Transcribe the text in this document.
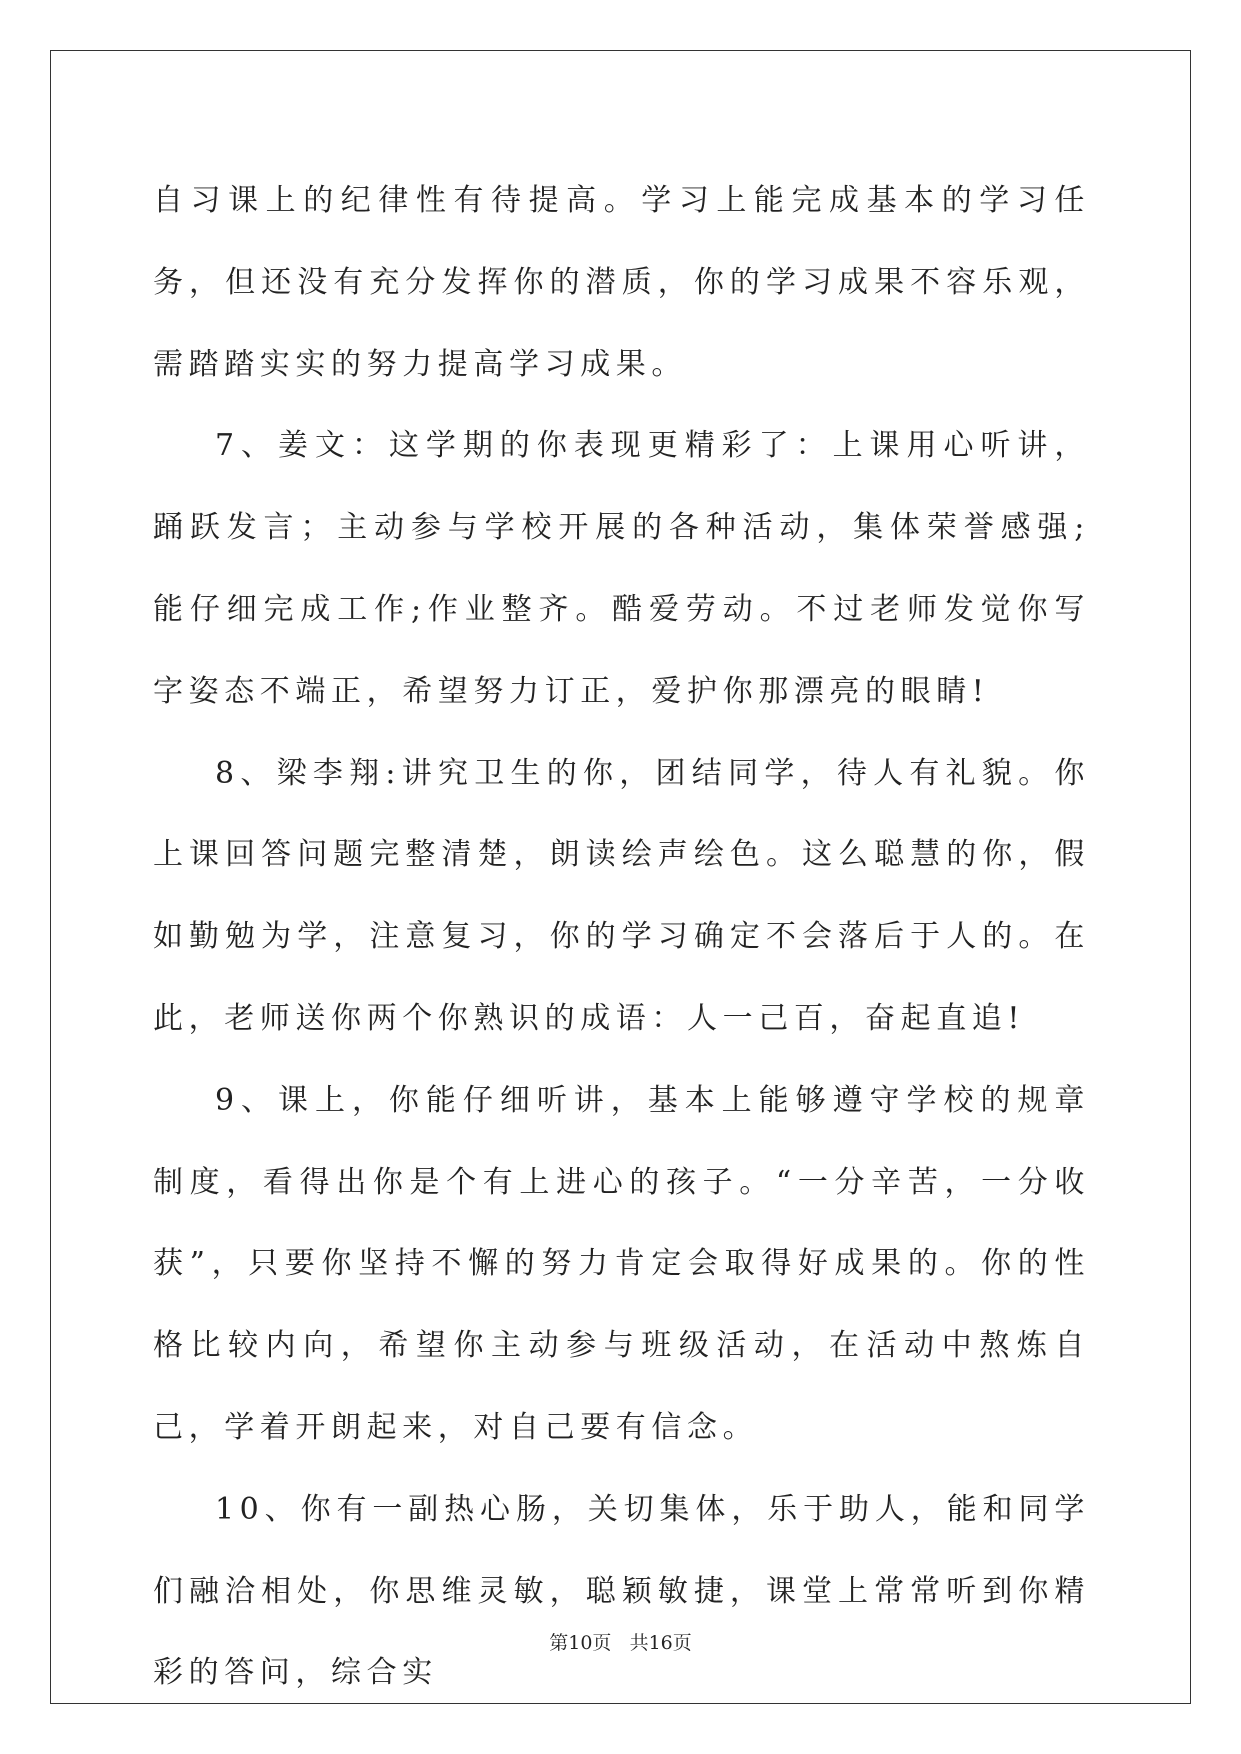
自习课上的纪律性有待提高。学习上能完成基本的学习任务，但还没有充分发挥你的潜质，你的学习成果不容乐观，需踏踏实实的努力提高学习成果。

7、姜文：这学期的你表现更精彩了：上课用心听讲，踊跃发言；主动参与学校开展的各种活动，集体荣誉感强;能仔细完成工作;作业整齐。酷爱劳动。不过老师发觉你写字姿态不端正，希望努力订正，爱护你那漂亮的眼睛!

8、梁李翔:讲究卫生的你，团结同学，待人有礼貌。你上课回答问题完整清楚，朗读绘声绘色。这么聪慧的你，假如勤勉为学，注意复习，你的学习确定不会落后于人的。在此，老师送你两个你熟识的成语：人一己百，奋起直追!

9、课上，你能仔细听讲，基本上能够遵守学校的规章制度，看得出你是个有上进心的孩子。“一分辛苦，一分收获”，只要你坚持不懈的努力肯定会取得好成果的。你的性格比较内向，希望你主动参与班级活动，在活动中熬炼自己，学着开朗起来，对自己要有信念。

10、你有一副热心肠，关切集体，乐于助人，能和同学们融洽相处，你思维灵敏，聪颖敏捷，课堂上常常听到你精彩的答问，综合实

第10页 共16页
